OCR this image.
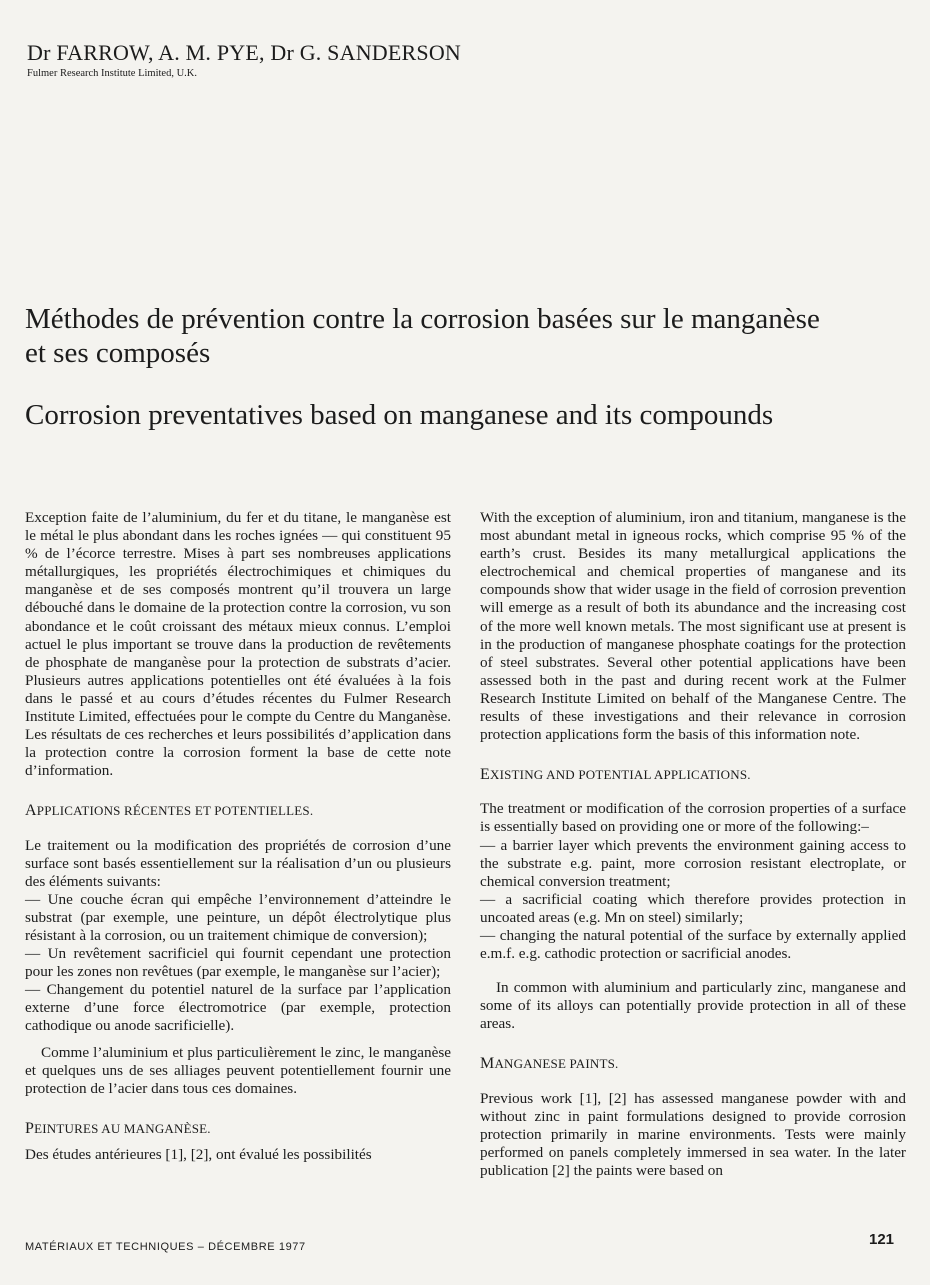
Dr FARROW, A. M. PYE, Dr G. SANDERSON
Fulmer Research Institute Limited, U.K.
Méthodes de prévention contre la corrosion basées sur le manganèse
et ses composés
Corrosion preventatives based on manganese and its compounds

Exception faite de l’aluminium, du fer et du titane, le manganèse est le métal le plus abondant dans les roches ignées — qui constituent 95 % de l’écorce terrestre. Mises à part ses nombreuses applications métallurgiques, les propriétés électrochimiques et chimiques du manganèse et de ses composés montrent qu’il trouvera un large débouché dans le domaine de la protection contre la corrosion, vu son abondance et le coût croissant des métaux mieux connus. L’emploi actuel le plus important se trouve dans la production de revêtements de phosphate de manganèse pour la protection de substrats d’acier. Plusieurs autres applications potentielles ont été évaluées à la fois dans le passé et au cours d’études récentes du Fulmer Research Institute Limited, effectuées pour le compte du Centre du Manganèse. Les résultats de ces recherches et leurs possibilités d’application dans la protection contre la corrosion forment la base de cette note d’information.

APPLICATIONS RÉCENTES ET POTENTIELLES.

Le traitement ou la modification des propriétés de corrosion d’une surface sont basés essentiellement sur la réalisation d’un ou plusieurs des éléments suivants:

— Une couche écran qui empêche l’environnement d’atteindre le substrat (par exemple, une peinture, un dépôt électrolytique plus résistant à la corrosion, ou un traitement chimique de conversion);

— Un revêtement sacrificiel qui fournit cependant une protection pour les zones non revêtues (par exemple, le manganèse sur l’acier);

— Changement du potentiel naturel de la surface par l’application externe d’une force électromotrice (par exemple, protection cathodique ou anode sacrificielle).

Comme l’aluminium et plus particulièrement le zinc, le manganèse et quelques uns de ses alliages peuvent potentiellement fournir une protection de l’acier dans tous ces domaines.

PEINTURES AU MANGANÈSE.

Des études antérieures [1], [2], ont évalué les possibilités

With the exception of aluminium, iron and titanium, manganese is the most abundant metal in igneous rocks, which comprise 95 % of the earth’s crust. Besides its many metallurgical applications the electrochemical and chemical properties of manganese and its compounds show that wider usage in the field of corrosion prevention will emerge as a result of both its abundance and the increasing cost of the more well known metals. The most significant use at present is in the production of manganese phosphate coatings for the protection of steel substrates. Several other potential applications have been assessed both in the past and during recent work at the Fulmer Research Institute Limited on behalf of the Manganese Centre. The results of these investigations and their relevance in corrosion protection applications form the basis of this information note.

EXISTING AND POTENTIAL APPLICATIONS.

The treatment or modification of the corrosion properties of a surface is essentially based on providing one or more of the following:–

— a barrier layer which prevents the environment gaining access to the substrate e.g. paint, more corrosion resistant electroplate, or chemical conversion treatment;

— a sacrificial coating which therefore provides protection in uncoated areas (e.g. Mn on steel) similarly;

— changing the natural potential of the surface by externally applied e.m.f. e.g. cathodic protection or sacrificial anodes.

In common with aluminium and particularly zinc, manganese and some of its alloys can potentially provide protection in all of these areas.

MANGANESE PAINTS.

Previous work [1], [2] has assessed manganese powder with and without zinc in paint formulations designed to provide corrosion protection primarily in marine environments. Tests were mainly performed on panels completely immersed in sea water. In the later publication [2] the paints were based on

MATÉRIAUX ET TECHNIQUES – DÉCEMBRE 1977	121
